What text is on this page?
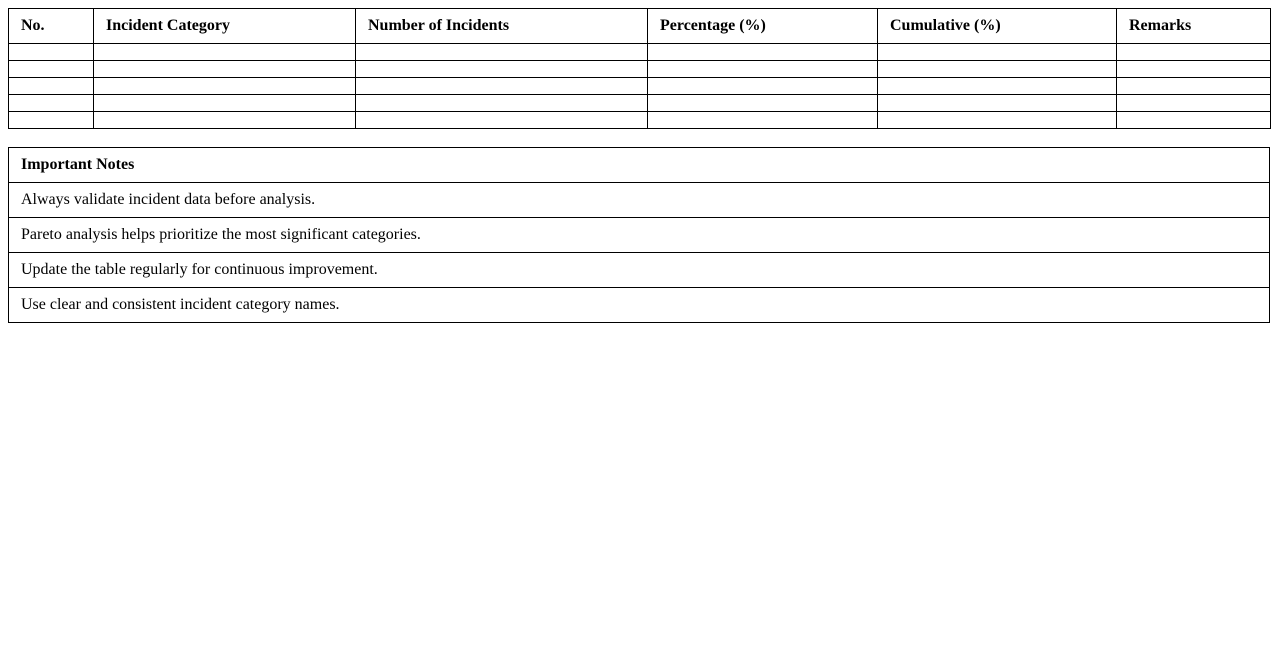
No.	Incident Category	Number of Incidents	Percentage (%)	Cumulative (%)	Remarks

Important Notes
Always validate incident data before analysis.
Pareto analysis helps prioritize the most significant categories.
Update the table regularly for continuous improvement.
Use clear and consistent incident category names.
